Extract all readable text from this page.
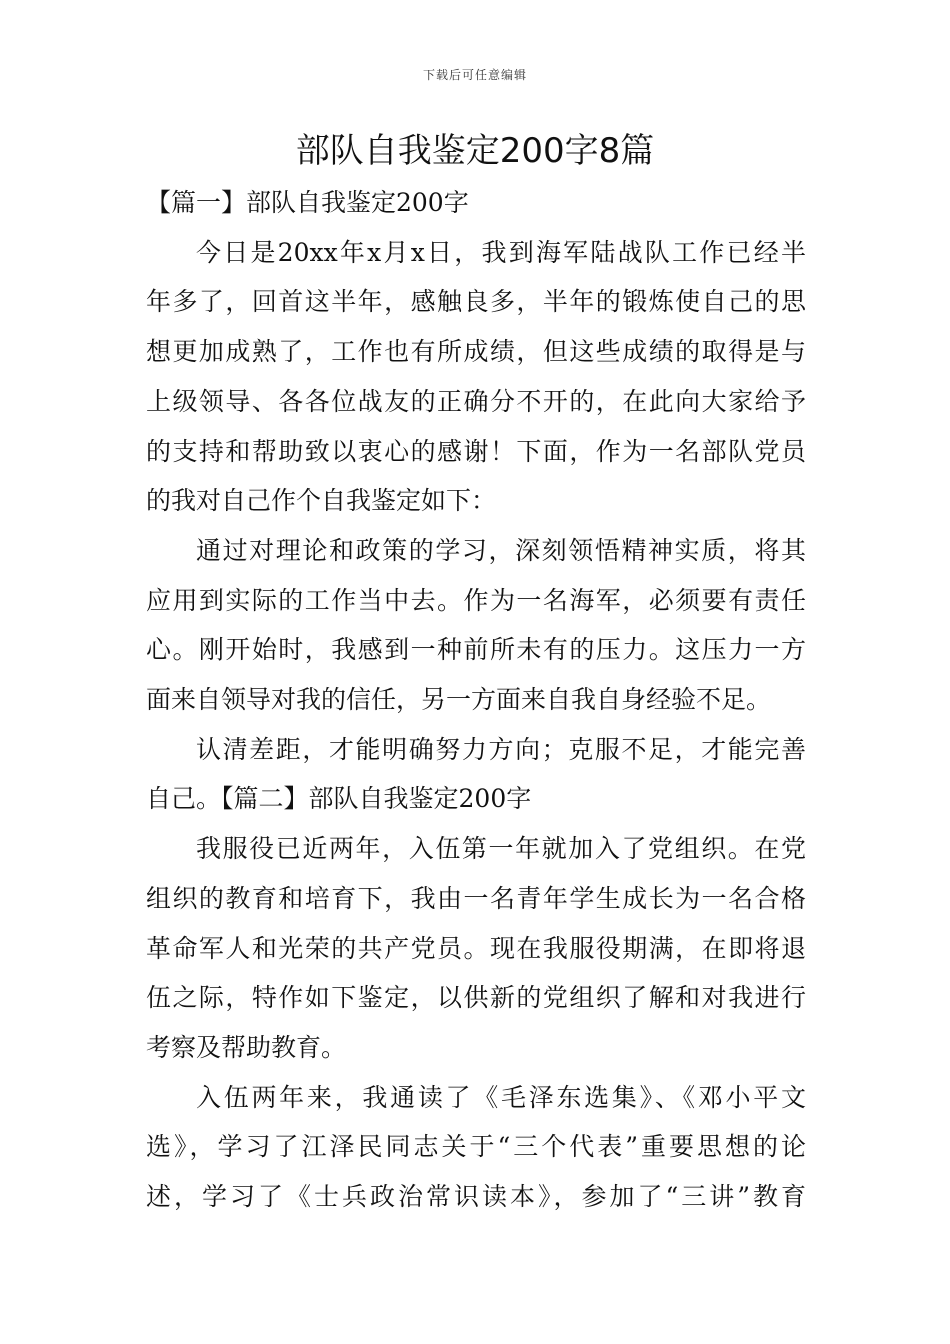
下载后可任意编辑
部队自我鉴定200字8篇
【篇一】部队自我鉴定200字
今日是20xx年x月x日，我到海军陆战队工作已经半
年多了，回首这半年，感触良多，半年的锻炼使自己的思
想更加成熟了，工作也有所成绩，但这些成绩的取得是与
上级领导、各各位战友的正确分不开的，在此向大家给予
的支持和帮助致以衷心的感谢！下面，作为一名部队党员
的我对自己作个自我鉴定如下：
通过对理论和政策的学习，深刻领悟精神实质，将其
应用到实际的工作当中去。作为一名海军，必须要有责任
心。刚开始时，我感到一种前所未有的压力。这压力一方
面来自领导对我的信任，另一方面来自我自身经验不足。
认清差距，才能明确努力方向；克服不足，才能完善
自己。【篇二】部队自我鉴定200字
我服役已近两年，入伍第一年就加入了党组织。在党
组织的教育和培育下，我由一名青年学生成长为一名合格
革命军人和光荣的共产党员。现在我服役期满，在即将退
伍之际，特作如下鉴定，以供新的党组织了解和对我进行
考察及帮助教育。
入伍两年来，我通读了《毛泽东选集》、《邓小平文
选》，学习了江泽民同志关于“三个代表”重要思想的论
述，学习了《士兵政治常识读本》，参加了“三讲”教育
